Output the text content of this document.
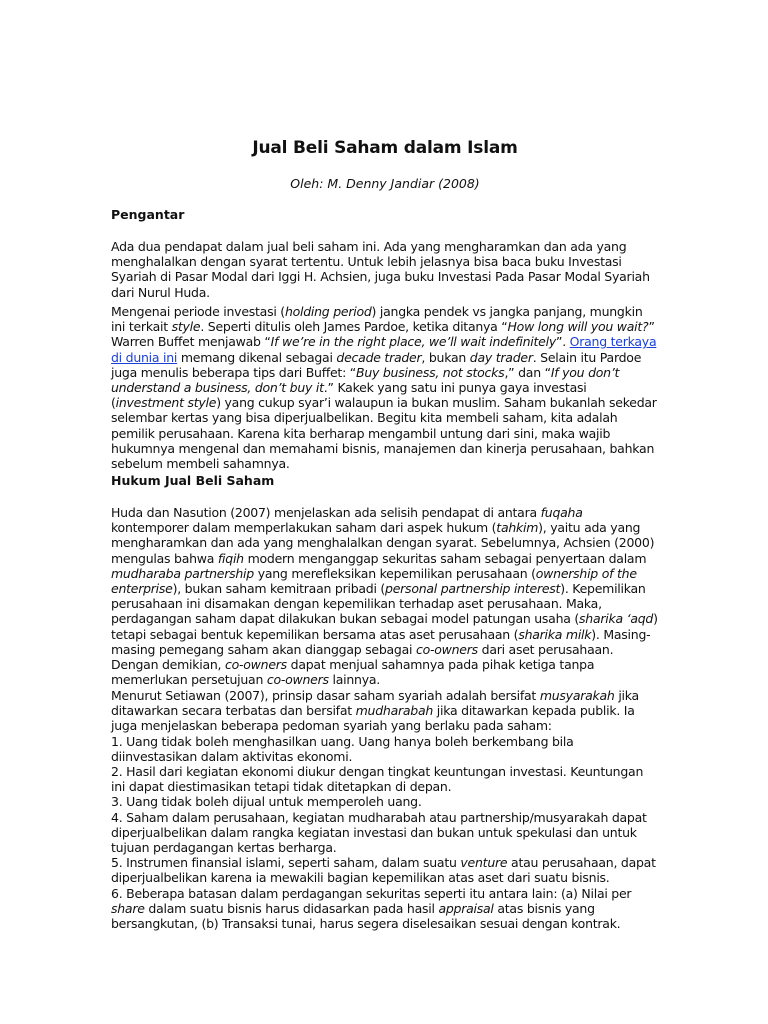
Jual Beli Saham dalam Islam
Oleh: M. Denny Jandiar (2008)
Pengantar
Ada dua pendapat dalam jual beli saham ini. Ada yang mengharamkan dan ada yang menghalalkan dengan syarat tertentu. Untuk lebih jelasnya bisa baca buku Investasi Syariah di Pasar Modal dari Iggi H. Achsien, juga buku Investasi Pada Pasar Modal Syariah dari Nurul Huda.
Mengenai periode investasi (holding period) jangka pendek vs jangka panjang, mungkin ini terkait style. Seperti ditulis oleh James Pardoe, ketika ditanya “How long will you wait?” Warren Buffet menjawab “If we’re in the right place, we’ll wait indefinitely”. Orang terkaya di dunia ini memang dikenal sebagai decade trader, bukan day trader. Selain itu Pardoe juga menulis beberapa tips dari Buffet: “Buy business, not stocks,” dan “If you don’t understand a business, don’t buy it.” Kakek yang satu ini punya gaya investasi (investment style) yang cukup syar’i walaupun ia bukan muslim. Saham bukanlah sekedar selembar kertas yang bisa diperjualbelikan. Begitu kita membeli saham, kita adalah pemilik perusahaan. Karena kita berharap mengambil untung dari sini, maka wajib hukumnya mengenal dan memahami bisnis, manajemen dan kinerja perusahaan, bahkan sebelum membeli sahamnya.
Hukum Jual Beli Saham
Huda dan Nasution (2007) menjelaskan ada selisih pendapat di antara fuqaha kontemporer dalam memperlakukan saham dari aspek hukum (tahkim), yaitu ada yang mengharamkan dan ada yang menghalalkan dengan syarat. Sebelumnya, Achsien (2000) mengulas bahwa fiqih modern menganggap sekuritas saham sebagai penyertaan dalam mudharaba partnership yang merefleksikan kepemilikan perusahaan (ownership of the enterprise), bukan saham kemitraan pribadi (personal partnership interest). Kepemilikan perusahaan ini disamakan dengan kepemilikan terhadap aset perusahaan. Maka, perdagangan saham dapat dilakukan bukan sebagai model patungan usaha (sharika ‘aqd) tetapi sebagai bentuk kepemilikan bersama atas aset perusahaan (sharika milk). Masing-masing pemegang saham akan dianggap sebagai co-owners dari aset perusahaan. Dengan demikian, co-owners dapat menjual sahamnya pada pihak ketiga tanpa memerlukan persetujuan co-owners lainnya.
Menurut Setiawan (2007), prinsip dasar saham syariah adalah bersifat musyarakah jika ditawarkan secara terbatas dan bersifat mudharabah jika ditawarkan kepada publik. Ia juga menjelaskan beberapa pedoman syariah yang berlaku pada saham:
1. Uang tidak boleh menghasilkan uang. Uang hanya boleh berkembang bila diinvestasikan dalam aktivitas ekonomi.
2. Hasil dari kegiatan ekonomi diukur dengan tingkat keuntungan investasi. Keuntungan ini dapat diestimasikan tetapi tidak ditetapkan di depan.
3. Uang tidak boleh dijual untuk memperoleh uang.
4. Saham dalam perusahaan, kegiatan mudharabah atau partnership/musyarakah dapat diperjualbelikan dalam rangka kegiatan investasi dan bukan untuk spekulasi dan untuk tujuan perdagangan kertas berharga.
5. Instrumen finansial islami, seperti saham, dalam suatu venture atau perusahaan, dapat diperjualbelikan karena ia mewakili bagian kepemilikan atas aset dari suatu bisnis.
6. Beberapa batasan dalam perdagangan sekuritas seperti itu antara lain: (a) Nilai per share dalam suatu bisnis harus didasarkan pada hasil appraisal atas bisnis yang bersangkutan, (b) Transaksi tunai, harus segera diselesaikan sesuai dengan kontrak.
